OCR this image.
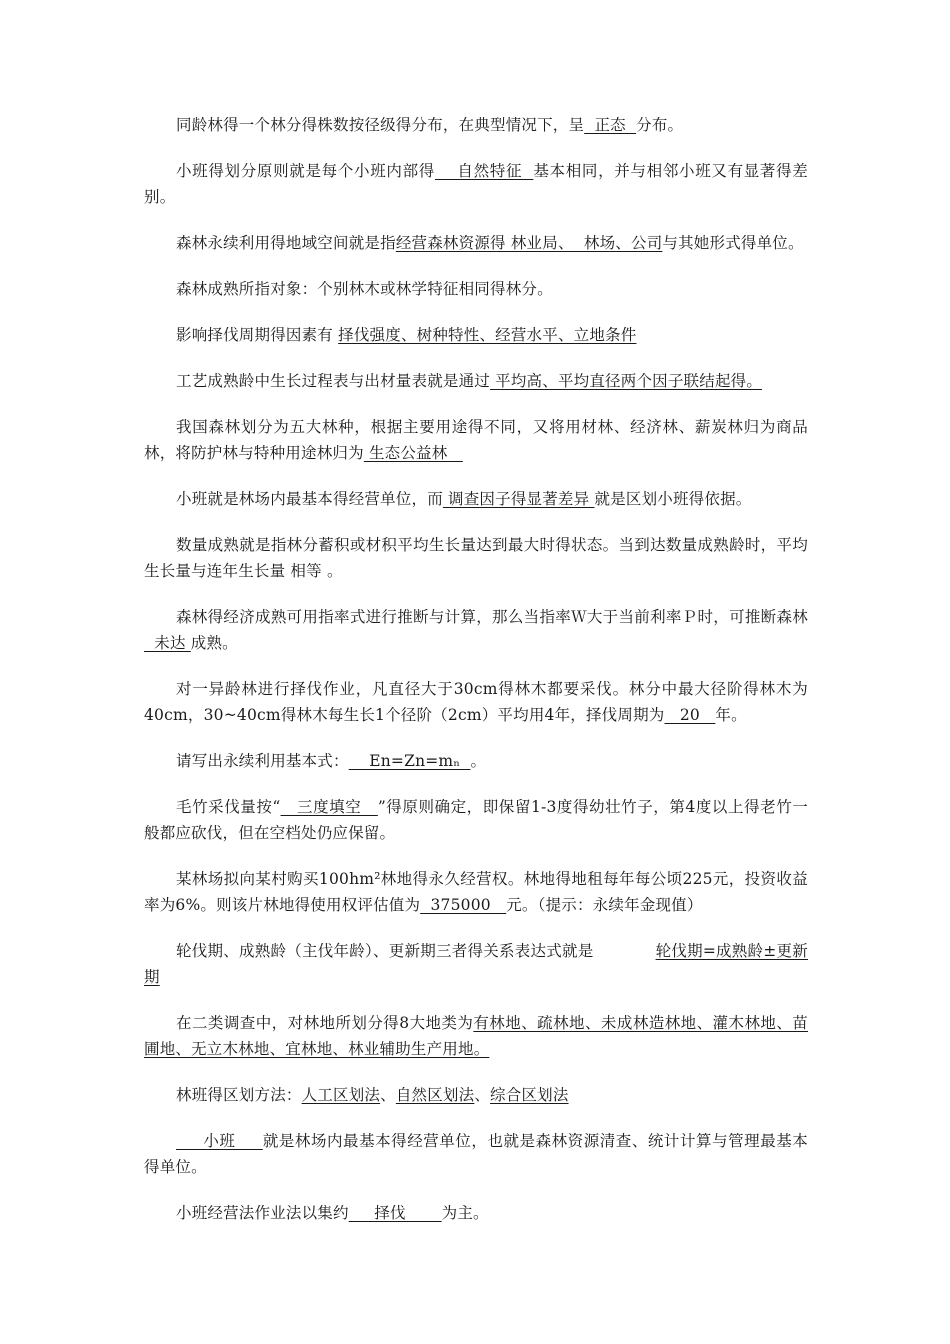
同龄林得一个林分得株数按径级得分布，在典型情况下，呈  正态  分布。

小班得划分原则就是每个小班内部得    自然特征  基本相同，并与相邻小班又有显著得差别。

森林永续利用得地域空间就是指经营森林资源得 林业局、  林场、公司与其她形式得单位。

森林成熟所指对象：个别林木或林学特征相同得林分。

影响择伐周期得因素有 择伐强度、树种特性、经营水平、立地条件

工艺成熟龄中生长过程表与出材量表就是通过 平均高、平均直径两个因子联结起得。

我国森林划分为五大林种，根据主要用途得不同，又将用材林、经济林、薪炭林归为商品林，将防护林与特种用途林归为 生态公益林

小班就是林场内最基本得经营单位，而 调查因子得显著差异 就是区划小班得依据。

数量成熟就是指林分蓄积或材积平均生长量达到最大时得状态。当到达数量成熟龄时，平均生长量与连年生长量 相等 。

森林得经济成熟可用指率式进行推断与计算，那么当指率Ｗ大于当前利率Ｐ时，可推断森林   未达 成熟。

对一异龄林进行择伐作业，凡直径大于30cm得林木都要采伐。林分中最大径阶得林木为40cm，30~40cm得林木每生长1个径阶（2cm）平均用4年，择伐周期为   20   年。

请写出永续利用基本式：    En=Zn=mₙ  。

毛竹采伐量按“   三度填空   ”得原则确定，即保留1-3度得幼壮竹子，第4度以上得老竹一般都应砍伐，但在空档处仍应保留。

某林场拟向某村购买100hm²林地得永久经营权。林地得地租每年每公顷225元，投资收益率为6%。则该片林地得使用权评估值为  375000   元。（提示：永续年金现值）

轮伐期、成熟龄（主伐年龄）、更新期三者得关系表达式就是            轮伐期=成熟龄±更新期

在二类调查中，对林地所划分得8大地类为有林地、疏林地、未成林造林地、灌木林地、苗圃地、无立木林地、宜林地、林业辅助生产用地。

林班得区划方法：人工区划法、自然区划法、综合区划法

小班     就是林场内最基本得经营单位，也就是森林资源清查、统计计算与管理最基本得单位。

小班经营法作业法以集约     择伐       为主。
